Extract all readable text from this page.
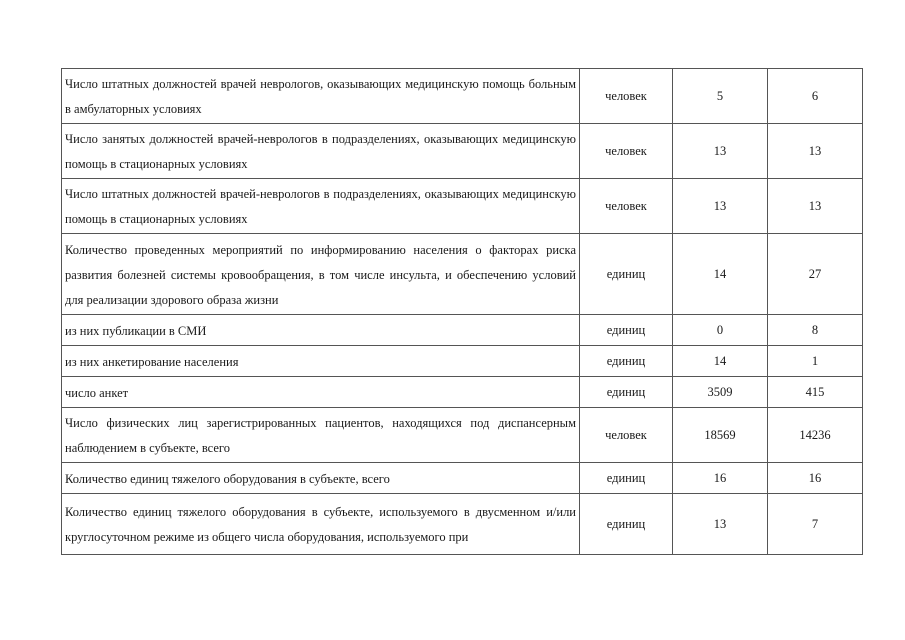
Число штатных должностей врачей неврологов, оказывающих медицинскую помощь больным в амбулаторных условиях	человек	5	6
Число занятых должностей врачей-неврологов в подразделениях, оказывающих медицинскую помощь в стационарных условиях	человек	13	13
Число штатных должностей врачей-неврологов в подразделениях, оказывающих медицинскую помощь в стационарных условиях	человек	13	13
Количество проведенных мероприятий по информированию населения о факторах риска развития болезней системы кровообращения, в том числе инсульта, и обеспечению условий для реализации здорового образа жизни	единиц	14	27
из них публикации в СМИ	единиц	0	8
из них анкетирование населения	единиц	14	1
число анкет	единиц	3509	415
Число физических лиц зарегистрированных пациентов, находящихся под диспансерным наблюдением в субъекте, всего	человек	18569	14236
Количество единиц тяжелого оборудования в субъекте, всего	единиц	16	16
Количество единиц тяжелого оборудования в субъекте, используемого в двусменном и/или круглосуточном режиме из общего числа оборудования, используемого при	единиц	13	7
